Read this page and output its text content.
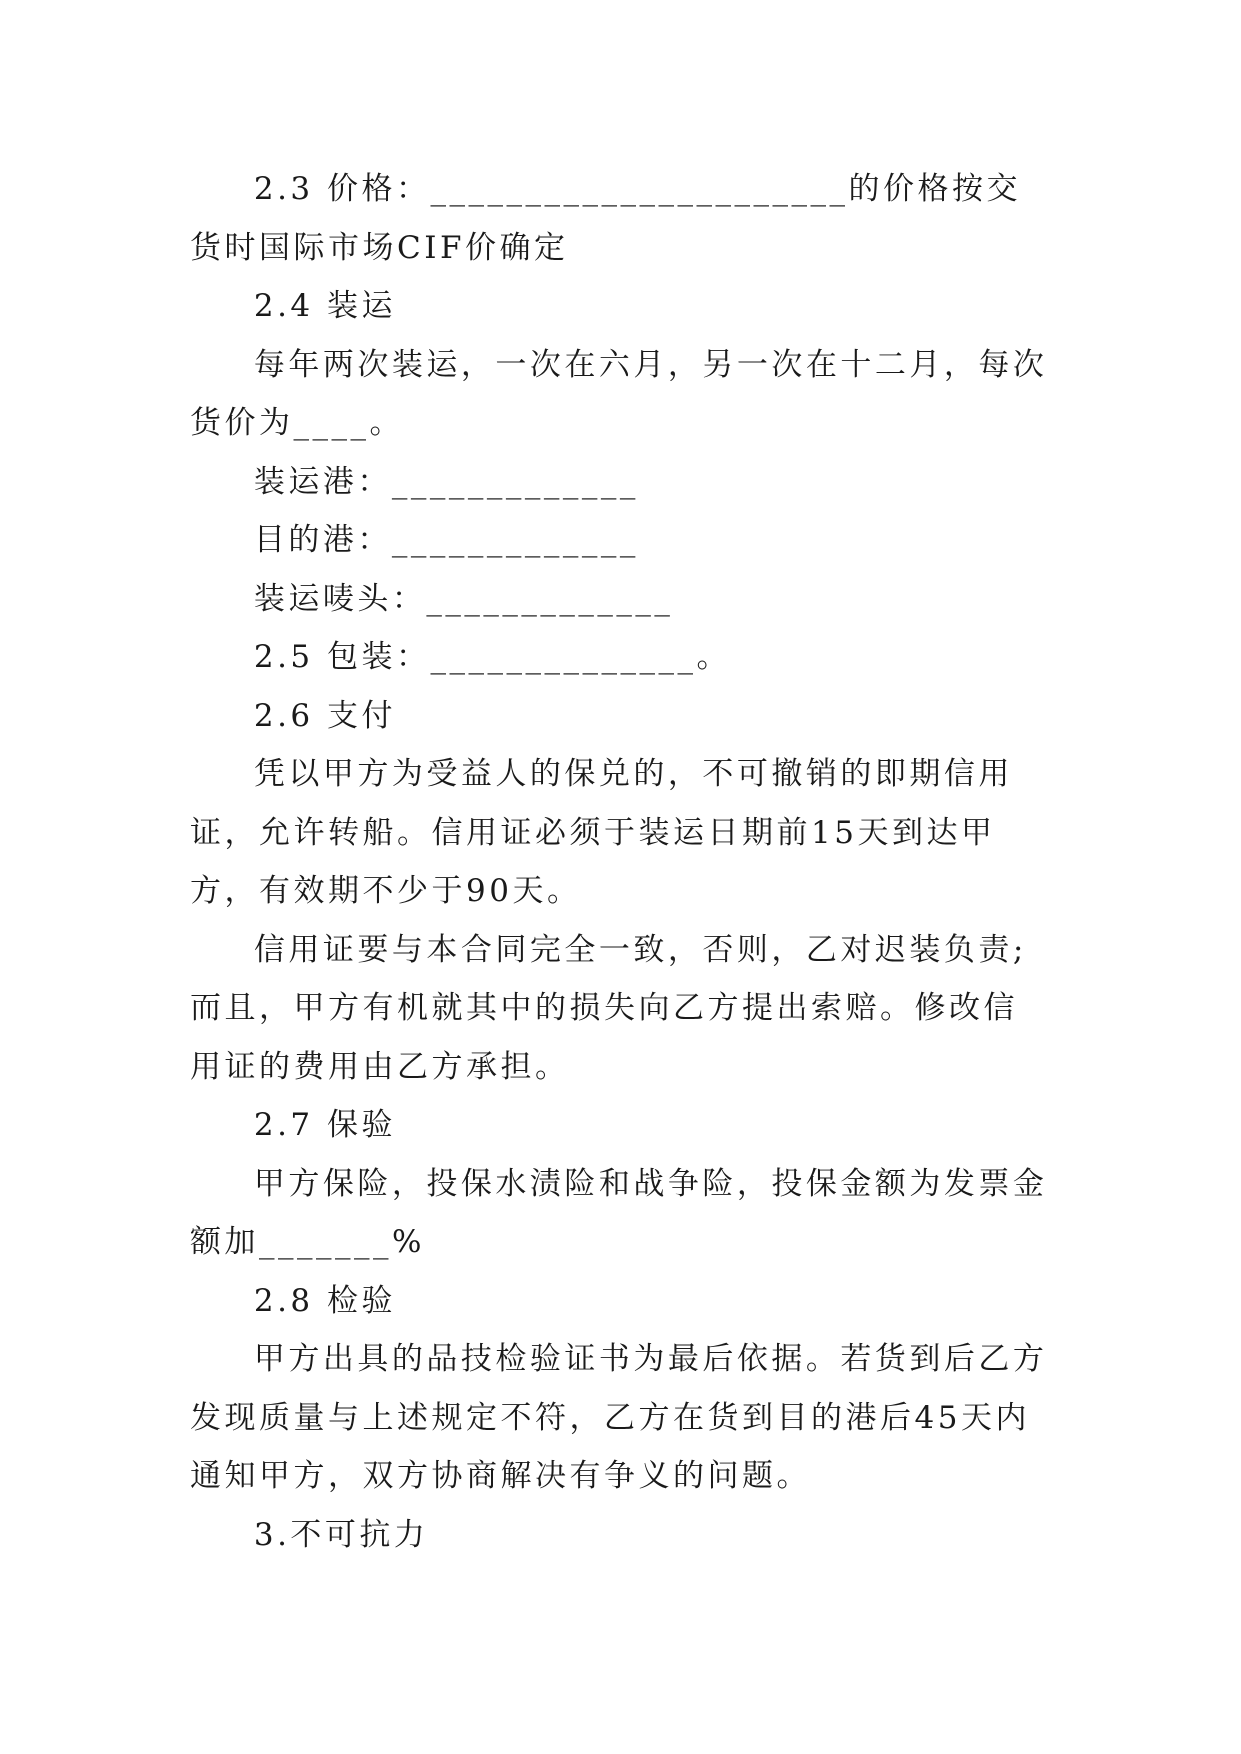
2.3 价格：______________________的价格按交货时国际市场CIF价确定

2.4 装运

每年两次装运，一次在六月，另一次在十二月，每次货价为____。

装运港：_____________

目的港：_____________

装运唛头：_____________

2.5 包装：______________。

2.6 支付

凭以甲方为受益人的保兑的，不可撤销的即期信用证，允许转船。信用证必须于装运日期前15天到达甲方，有效期不少于90天。

信用证要与本合同完全一致，否则，乙对迟装负责;而且，甲方有机就其中的损失向乙方提出索赔。修改信用证的费用由乙方承担。

2.7 保验

甲方保险，投保水渍险和战争险，投保金额为发票金额加_______%

2.8 检验

甲方出具的品技检验证书为最后依据。若货到后乙方发现质量与上述规定不符，乙方在货到目的港后45天内通知甲方，双方协商解决有争义的问题。

3.不可抗力
